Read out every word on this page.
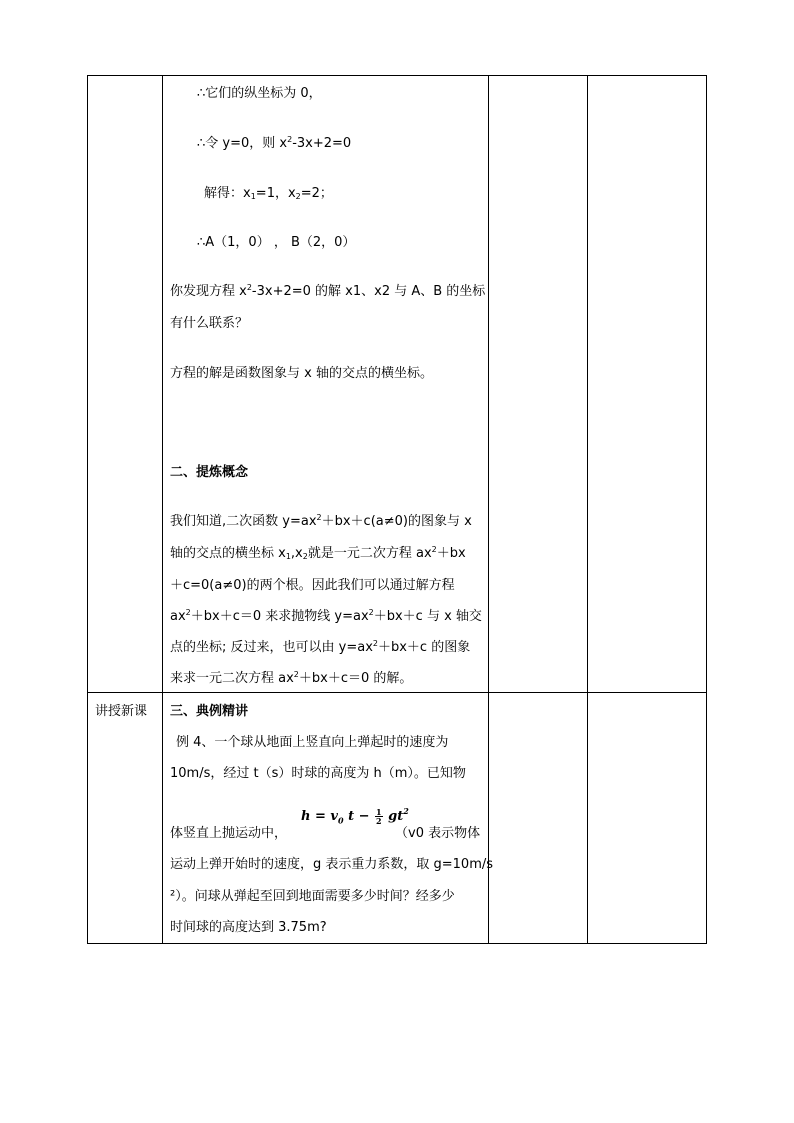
∴它们的纵坐标为 0，
∴令 y=0，则 $x^2-3x+2=0$
解得：$x_1=1$，$x_2=2$；
∴A（1，0） ， B（2，0）
你发现方程 $x^2-3x+2=0$ 的解 x1、x2 与 A、B 的坐标
有什么联系？
方程的解是函数图象与 x 轴的交点的横坐标。
二、提炼概念
我们知道,二次函数 $y=ax^2+bx+c(a\ne 0)$的图象与 x
轴的交点的横坐标 $x_1,x_2$就是一元二次方程 $ax^2+bx$
＋c=0(a≠0)的两个根。因此我们可以通过解方程
$ax^2+bx+c=0$ 来求抛物线 $y=ax^2+bx+c$ 与 x 轴交
点的坐标; 反过来，也可以由 $y=ax^2+bx+c$ 的图象
来求一元二次方程 $ax^2+bx+c=0$ 的解。
讲授新课 三、典例精讲
例 4、一个球从地面上竖直向上弹起时的速度为
10m/s，经过 t（s）时球的高度为 h（m）。已知物
$h = v_0$ $t - \frac{1}{2} gt^2$
体竖直上抛运动中，	（v0 表示物体
运动上弹开始时的速度，g 表示重力系数，取 g=10m/s
²）。问球从弹起至回到地面需要多少时间？经多少
时间球的高度达到 3.75m?
